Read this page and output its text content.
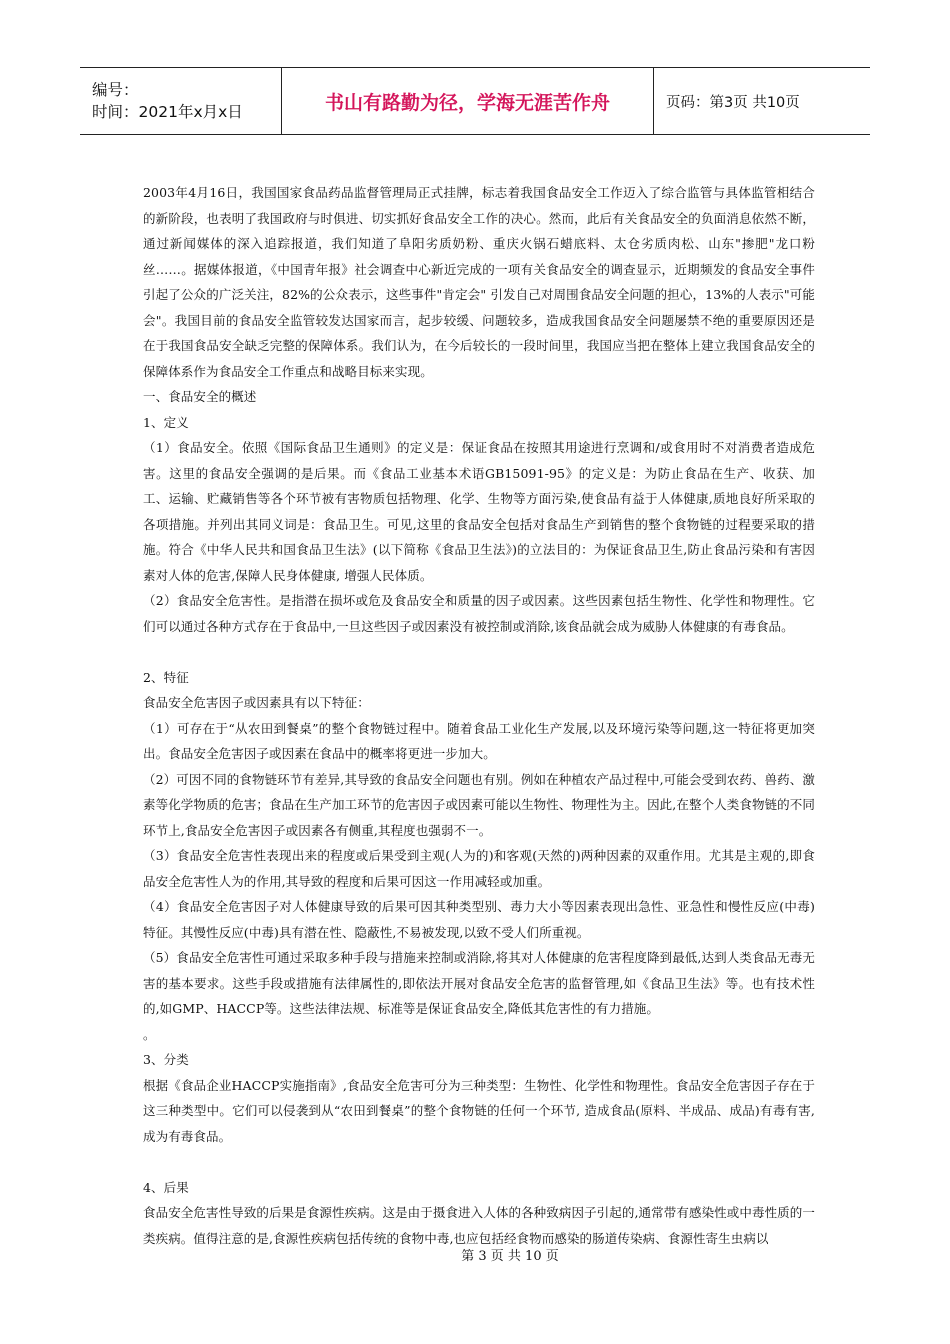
编号：
时间：2021年x月x日	书山有路勤为径，学海无涯苦作舟	页码：第3页 共10页

2003年4月16日，我国国家食品药品监督管理局正式挂牌，标志着我国食品安全工作迈入了综合监管与具体监管相结合的新阶段，也表明了我国政府与时俱进、切实抓好食品安全工作的决心。然而，此后有关食品安全的负面消息依然不断，通过新闻媒体的深入追踪报道，我们知道了阜阳劣质奶粉、重庆火锅石蜡底料、太仓劣质肉松、山东"掺肥"龙口粉丝……。据媒体报道，《中国青年报》社会调查中心新近完成的一项有关食品安全的调查显示，近期频发的食品安全事件引起了公众的广泛关注，82%的公众表示，这些事件"肯定会" 引发自己对周围食品安全问题的担心，13%的人表示"可能会"。我国目前的食品安全监管较发达国家而言，起步较缓、问题较多，造成我国食品安全问题屡禁不绝的重要原因还是在于我国食品安全缺乏完整的保障体系。我们认为，在今后较长的一段时间里，我国应当把在整体上建立我国食品安全的保障体系作为食品安全工作重点和战略目标来实现。

一、食品安全的概述

1、定义

（1）食品安全。依照《国际食品卫生通则》的定义是：保证食品在按照其用途进行烹调和/或食用时不对消费者造成危害。这里的食品安全强调的是后果。而《食品工业基本术语GB15091-95》的定义是：为防止食品在生产、收获、加工、运输、贮藏销售等各个环节被有害物质包括物理、化学、生物等方面污染,使食品有益于人体健康,质地良好所采取的各项措施。并列出其同义词是：食品卫生。可见,这里的食品安全包括对食品生产到销售的整个食物链的过程要采取的措施。符合《中华人民共和国食品卫生法》(以下简称《食品卫生法》)的立法目的：为保证食品卫生,防止食品污染和有害因素对人体的危害,保障人民身体健康, 增强人民体质。

（2）食品安全危害性。是指潜在损坏或危及食品安全和质量的因子或因素。这些因素包括生物性、化学性和物理性。它们可以通过各种方式存在于食品中,一旦这些因子或因素没有被控制或消除,该食品就会成为威胁人体健康的有毒食品。

2、特征

食品安全危害因子或因素具有以下特征：

（1）可存在于“从农田到餐桌”的整个食物链过程中。随着食品工业化生产发展,以及环境污染等问题,这一特征将更加突出。食品安全危害因子或因素在食品中的概率将更进一步加大。

（2）可因不同的食物链环节有差异,其导致的食品安全问题也有别。例如在种植农产品过程中,可能会受到农药、兽药、激素等化学物质的危害；食品在生产加工环节的危害因子或因素可能以生物性、物理性为主。因此,在整个人类食物链的不同环节上,食品安全危害因子或因素各有侧重,其程度也强弱不一。

（3）食品安全危害性表现出来的程度或后果受到主观(人为的)和客观(天然的)两种因素的双重作用。尤其是主观的,即食品安全危害性人为的作用,其导致的程度和后果可因这一作用减轻或加重。

（4）食品安全危害因子对人体健康导致的后果可因其种类型别、毒力大小等因素表现出急性、亚急性和慢性反应(中毒)特征。其慢性反应(中毒)具有潜在性、隐蔽性,不易被发现,以致不受人们所重视。

（5）食品安全危害性可通过采取多种手段与措施来控制或消除,将其对人体健康的危害程度降到最低,达到人类食品无毒无害的基本要求。这些手段或措施有法律属性的,即依法开展对食品安全危害的监督管理,如《食品卫生法》等。也有技术性的,如GMP、HACCP等。这些法律法规、标准等是保证食品安全,降低其危害性的有力措施。

。

3、分类

根据《食品企业HACCP实施指南》,食品安全危害可分为三种类型：生物性、化学性和物理性。食品安全危害因子存在于这三种类型中。它们可以侵袭到从“农田到餐桌”的整个食物链的任何一个环节, 造成食品(原料、半成品、成品)有毒有害,成为有毒食品。

4、后果

食品安全危害性导致的后果是食源性疾病。这是由于摄食进入人体的各种致病因子引起的,通常带有感染性或中毒性质的一类疾病。值得注意的是,食源性疾病包括传统的食物中毒,也应包括经食物而感染的肠道传染病、食源性寄生虫病以

第 3 页 共 10 页
